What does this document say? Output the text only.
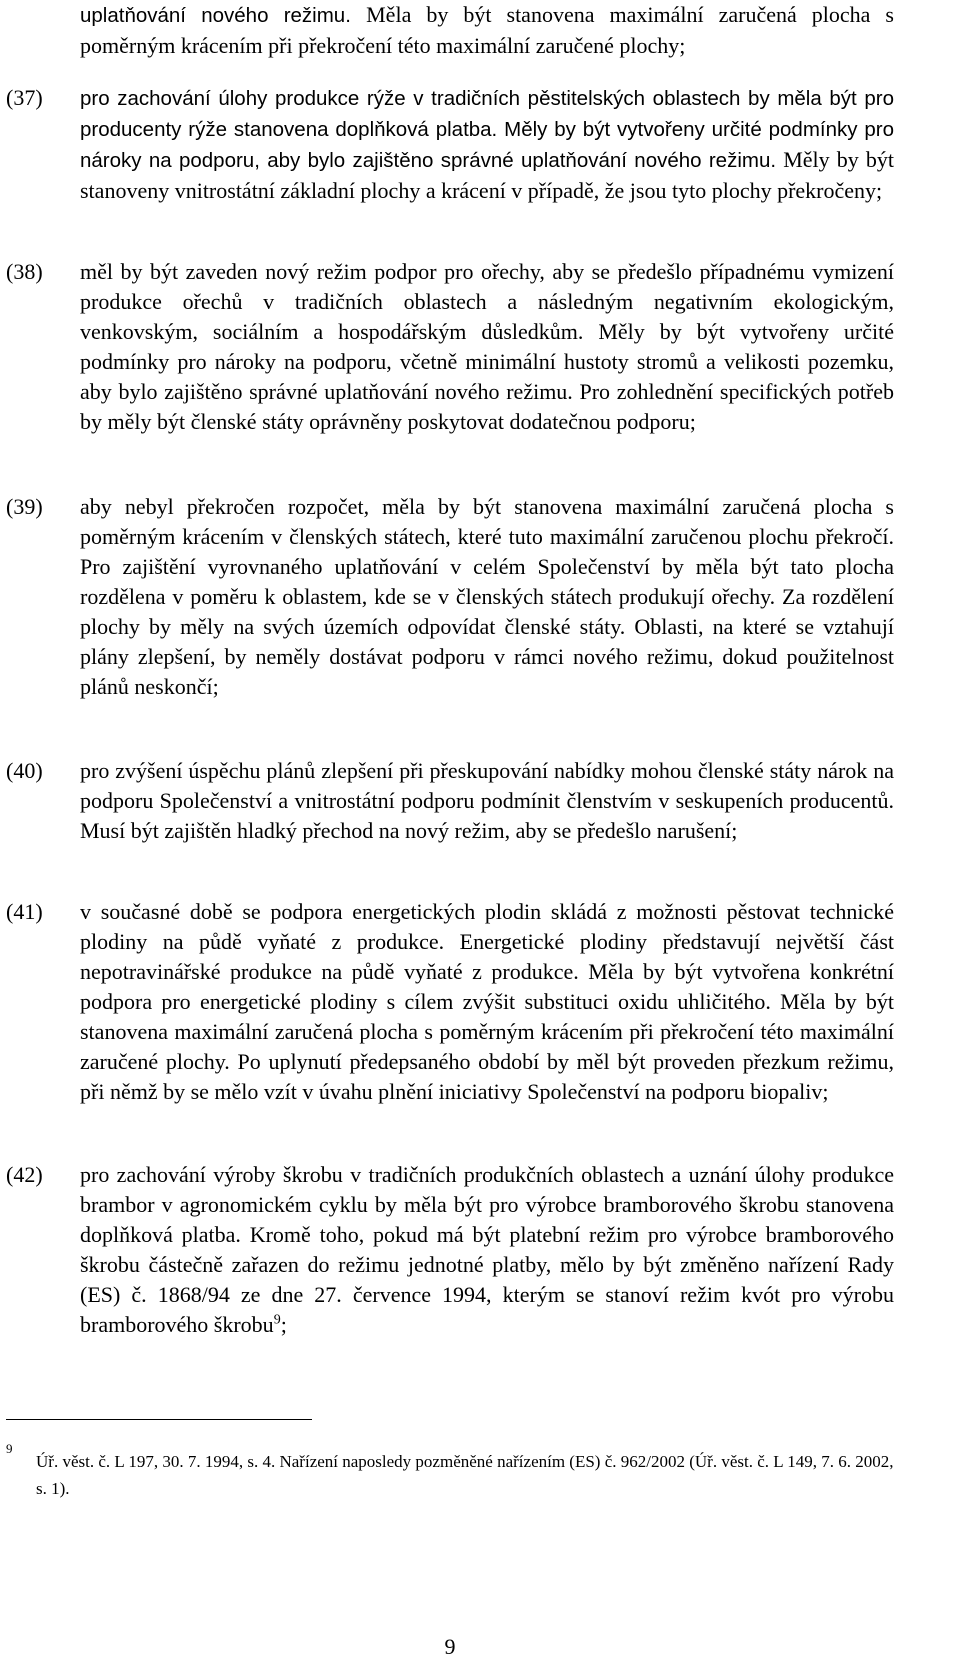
uplatňování nového režimu. Měla by být stanovena maximální zaručená plocha s poměrným krácením při překročení této maximální zaručené plochy;
(37)	pro zachování úlohy produkce rýže v tradičních pěstitelských oblastech by měla být pro producenty rýže stanovena doplňková platba. Měly by být vytvořeny určité podmínky pro nároky na podporu, aby bylo zajištěno správné uplatňování nového režimu. Měly by být stanoveny vnitrostátní základní plochy a krácení v případě, že jsou tyto plochy překročeny;
(38)	měl by být zaveden nový režim podpor pro ořechy, aby se předešlo případnému vymizení produkce ořechů v tradičních oblastech a následným negativním ekologickým, venkovským, sociálním a hospodářským důsledkům. Měly by být vytvořeny určité podmínky pro nároky na podporu, včetně minimální hustoty stromů a velikosti pozemku, aby bylo zajištěno správné uplatňování nového režimu. Pro zohlednění specifických potřeb by měly být členské státy oprávněny poskytovat dodatečnou podporu;
(39)	aby nebyl překročen rozpočet, měla by být stanovena maximální zaručená plocha s poměrným krácením v členských státech, které tuto maximální zaručenou plochu překročí. Pro zajištění vyrovnaného uplatňování v celém Společenství by měla být tato plocha rozdělena v poměru k oblastem, kde se v členských státech produkují ořechy. Za rozdělení plochy by měly na svých územích odpovídat členské státy. Oblasti, na které se vztahují plány zlepšení, by neměly dostávat podporu v rámci nového režimu, dokud použitelnost plánů neskončí;
(40)	pro zvýšení úspěchu plánů zlepšení při přeskupování nabídky mohou členské státy nárok na podporu Společenství a vnitrostátní podporu podmínit členstvím v seskupeních producentů. Musí být zajištěn hladký přechod na nový režim, aby se předešlo narušení;
(41)	v současné době se podpora energetických plodin skládá z možnosti pěstovat technické plodiny na půdě vyňaté z produkce. Energetické plodiny představují největší část nepotravinářské produkce na půdě vyňaté z produkce. Měla by být vytvořena konkrétní podpora pro energetické plodiny s cílem zvýšit substituci oxidu uhličitého. Měla by být stanovena maximální zaručená plocha s poměrným krácením při překročení této maximální zaručené plochy. Po uplynutí předepsaného období by měl být proveden přezkum režimu, při němž by se mělo vzít v úvahu plnění iniciativy Společenství na podporu biopaliv;
(42)	pro zachování výroby škrobu v tradičních produkčních oblastech a uznání úlohy produkce brambor v agronomickém cyklu by měla být pro výrobce bramborového škrobu stanovena doplňková platba. Kromě toho, pokud má být platební režim pro výrobce bramborového škrobu částečně zařazen do režimu jednotné platby, mělo by být změněno nařízení Rady (ES) č. 1868/94 ze dne 27. července 1994, kterým se stanoví režim kvót pro výrobu bramborového škrobu$^9$;
9
Úř. věst. č. L 197, 30. 7. 1994, s. 4. Nařízení naposledy pozměněné nařízením (ES) č. 962/2002 (Úř. věst. č. L 149, 7. 6. 2002, s. 1).
9
